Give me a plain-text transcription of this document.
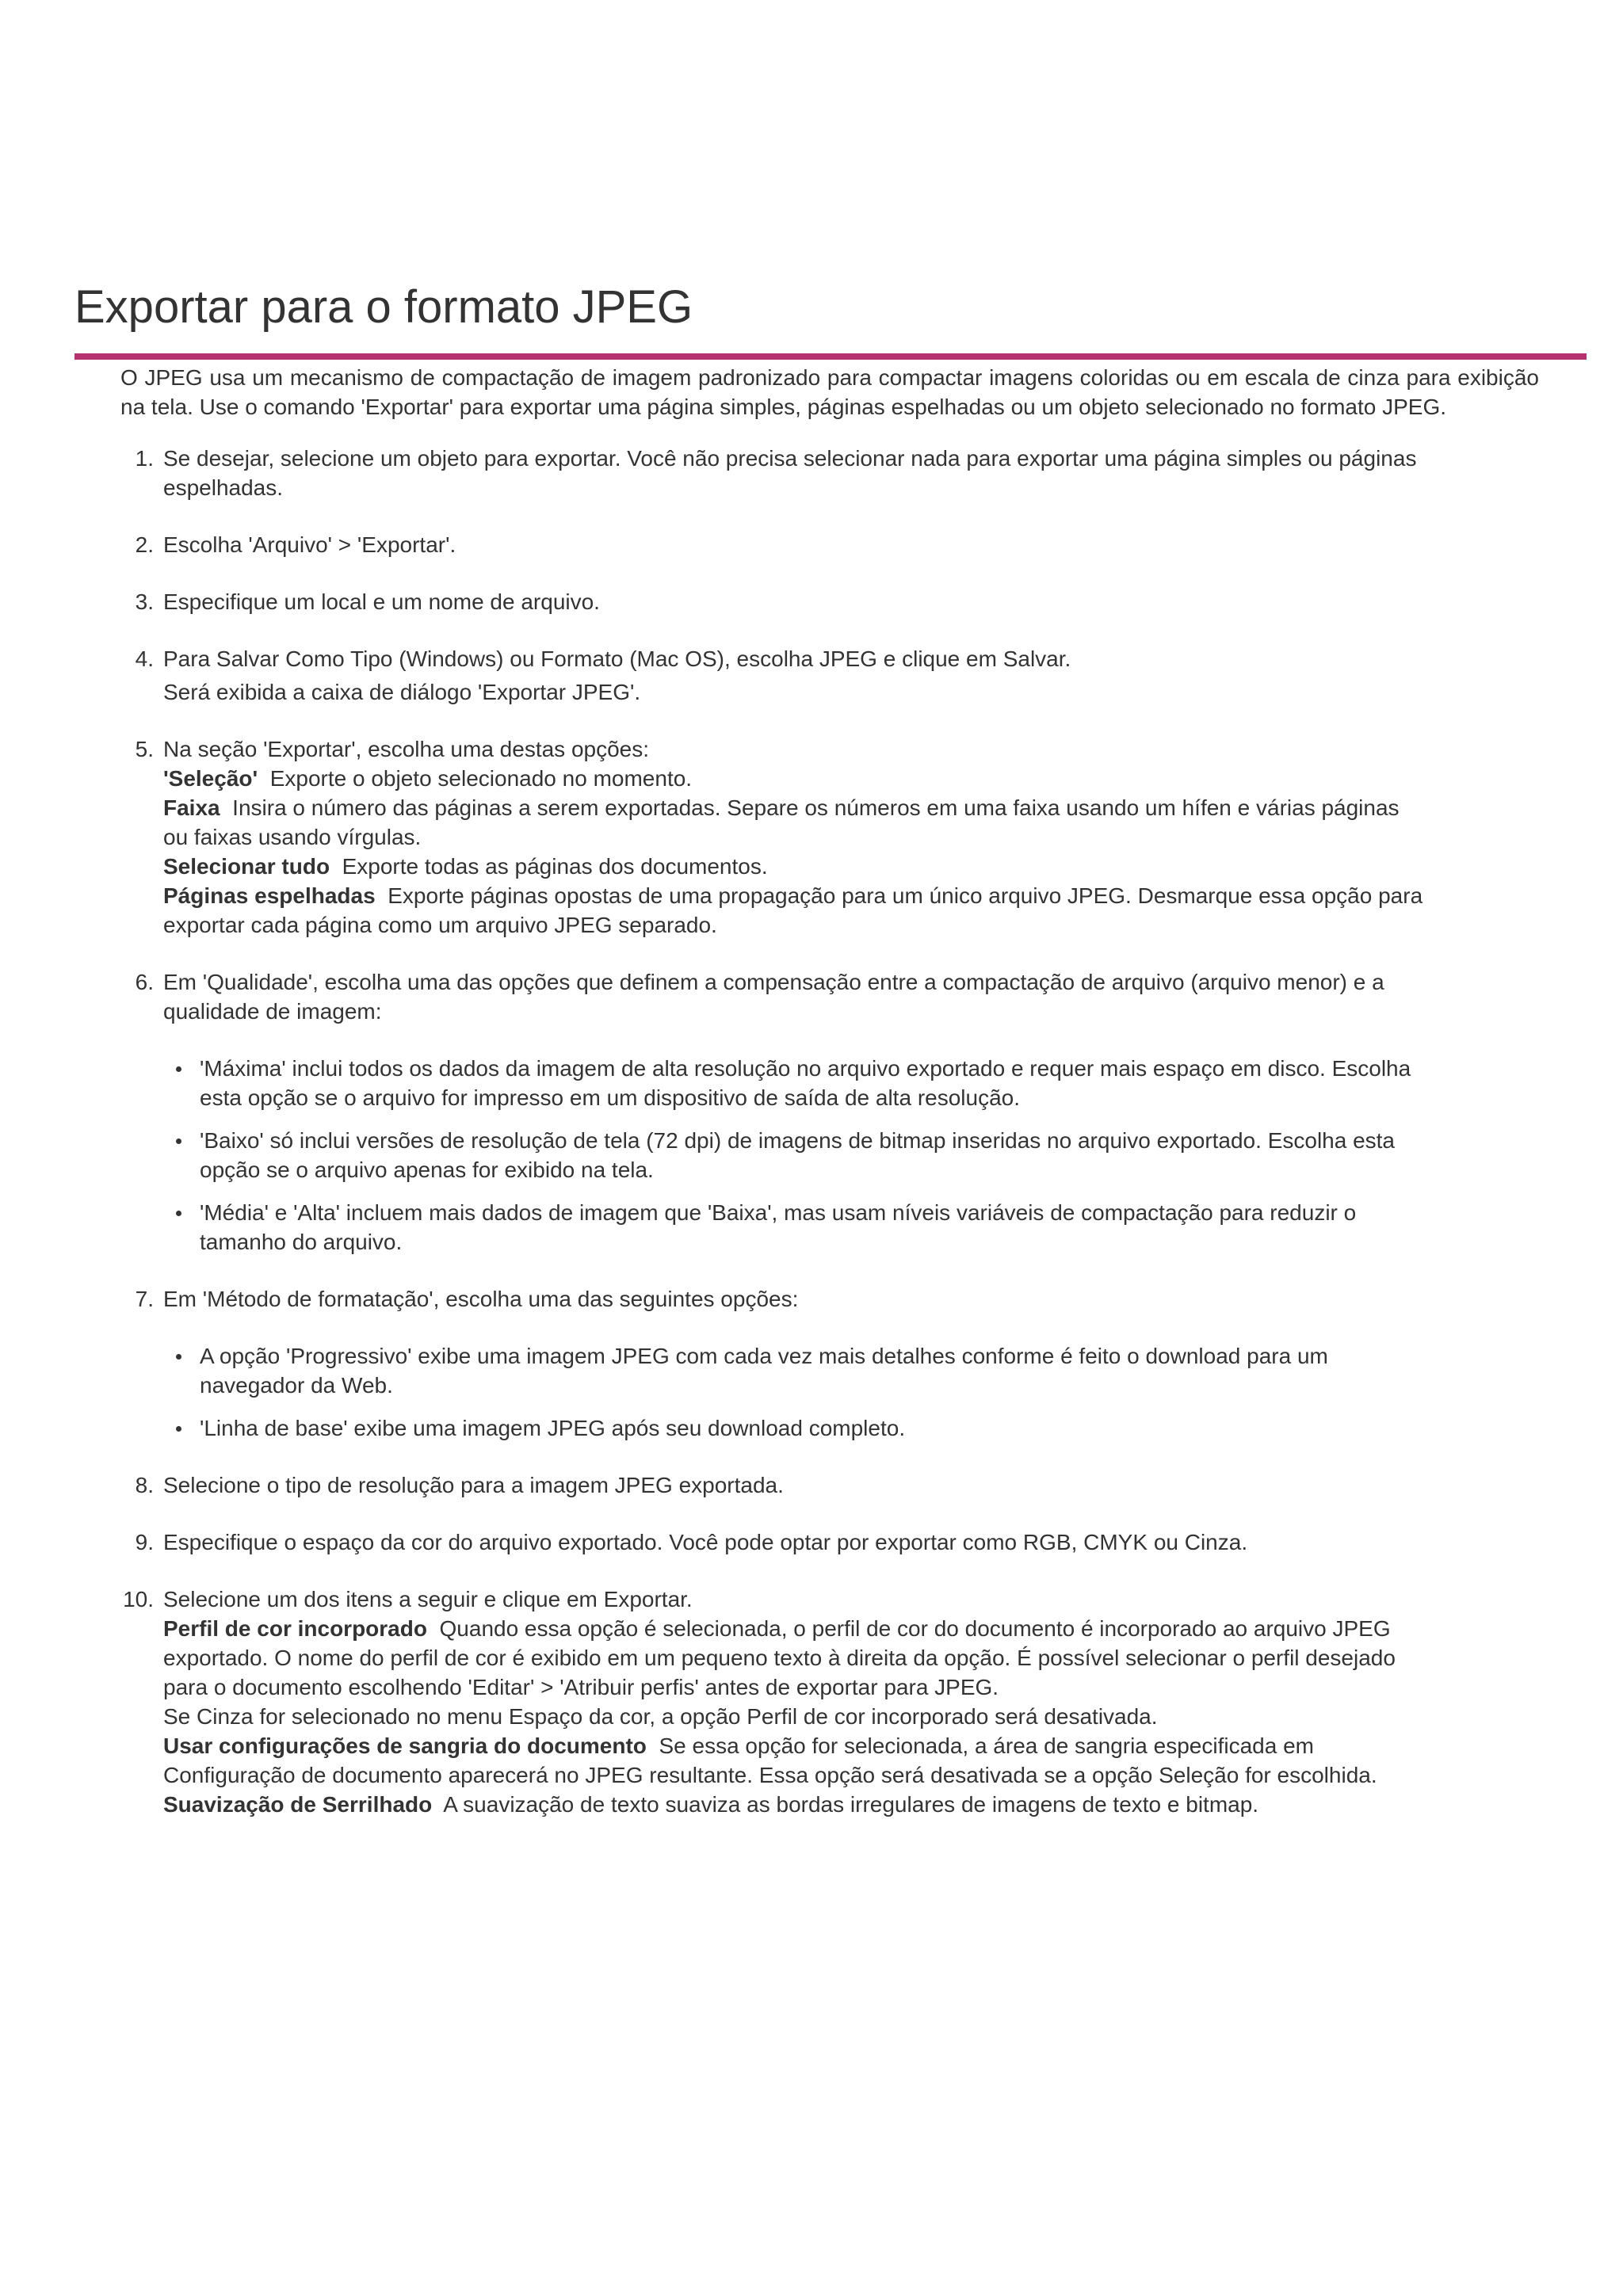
Exportar para o formato JPEG

O JPEG usa um mecanismo de compactação de imagem padronizado para compactar imagens coloridas ou em escala de cinza para exibição na tela. Use o comando 'Exportar' para exportar uma página simples, páginas espelhadas ou um objeto selecionado no formato JPEG.

1. Se desejar, selecione um objeto para exportar. Você não precisa selecionar nada para exportar uma página simples ou páginas espelhadas.

2. Escolha 'Arquivo' > 'Exportar'.

3. Especifique um local e um nome de arquivo.

4. Para Salvar Como Tipo (Windows) ou Formato (Mac OS), escolha JPEG e clique em Salvar.

Será exibida a caixa de diálogo 'Exportar JPEG'.

5. Na seção 'Exportar', escolha uma destas opções:

'Seleção' Exporte o objeto selecionado no momento.

Faixa Insira o número das páginas a serem exportadas. Separe os números em uma faixa usando um hífen e várias páginas ou faixas usando vírgulas.

Selecionar tudo Exporte todas as páginas dos documentos.

Páginas espelhadas Exporte páginas opostas de uma propagação para um único arquivo JPEG. Desmarque essa opção para exportar cada página como um arquivo JPEG separado.

6. Em 'Qualidade', escolha uma das opções que definem a compensação entre a compactação de arquivo (arquivo menor) e a qualidade de imagem:

'Máxima' inclui todos os dados da imagem de alta resolução no arquivo exportado e requer mais espaço em disco. Escolha esta opção se o arquivo for impresso em um dispositivo de saída de alta resolução.
'Baixo' só inclui versões de resolução de tela (72 dpi) de imagens de bitmap inseridas no arquivo exportado. Escolha esta opção se o arquivo apenas for exibido na tela.
'Média' e 'Alta' incluem mais dados de imagem que 'Baixa', mas usam níveis variáveis de compactação para reduzir o tamanho do arquivo.
7. Em 'Método de formatação', escolha uma das seguintes opções:

A opção 'Progressivo' exibe uma imagem JPEG com cada vez mais detalhes conforme é feito o download para um navegador da Web.
'Linha de base' exibe uma imagem JPEG após seu download completo.
8. Selecione o tipo de resolução para a imagem JPEG exportada.

9. Especifique o espaço da cor do arquivo exportado. Você pode optar por exportar como RGB, CMYK ou Cinza.

10. Selecione um dos itens a seguir e clique em Exportar.

Perfil de cor incorporado Quando essa opção é selecionada, o perfil de cor do documento é incorporado ao arquivo JPEG exportado. O nome do perfil de cor é exibido em um pequeno texto à direita da opção. É possível selecionar o perfil desejado para o documento escolhendo 'Editar' > 'Atribuir perfis' antes de exportar para JPEG.

Se Cinza for selecionado no menu Espaço da cor, a opção Perfil de cor incorporado será desativada.

Usar configurações de sangria do documento Se essa opção for selecionada, a área de sangria especificada em Configuração de documento aparecerá no JPEG resultante. Essa opção será desativada se a opção Seleção for escolhida.

Suavização de Serrilhado A suavização de texto suaviza as bordas irregulares de imagens de texto e bitmap.
